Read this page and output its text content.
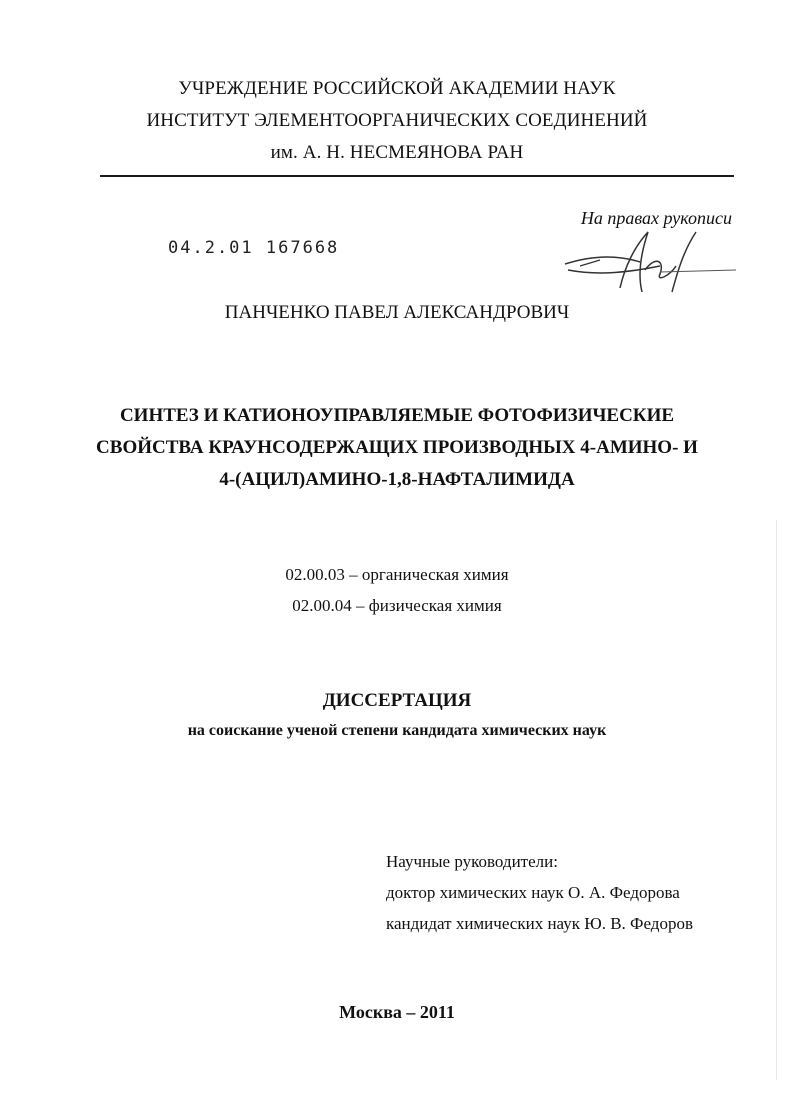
УЧРЕЖДЕНИЕ РОССИЙСКОЙ АКАДЕМИИ НАУК
ИНСТИТУТ ЭЛЕМЕНТООРГАНИЧЕСКИХ СОЕДИНЕНИЙ
им. А. Н. НЕСМЕЯНОВА РАН
На правах рукописи
04.2.01 167668
ПАНЧЕНКО ПАВЕЛ АЛЕКСАНДРОВИЧ
СИНТЕЗ И КАТИОНОУПРАВЛЯЕМЫЕ ФОТОФИЗИЧЕСКИЕ
СВОЙСТВА КРАУНСОДЕРЖАЩИХ ПРОИЗВОДНЫХ 4-АМИНО- И
4-(АЦИЛ)АМИНО-1,8-НАФТАЛИМИДА
02.00.03 – органическая химия
02.00.04 – физическая химия
ДИССЕРТАЦИЯ
на соискание ученой степени кандидата химических наук
Научные руководители:
доктор химических наук О. А. Федорова
кандидат химических наук Ю. В. Федоров
Москва – 2011
